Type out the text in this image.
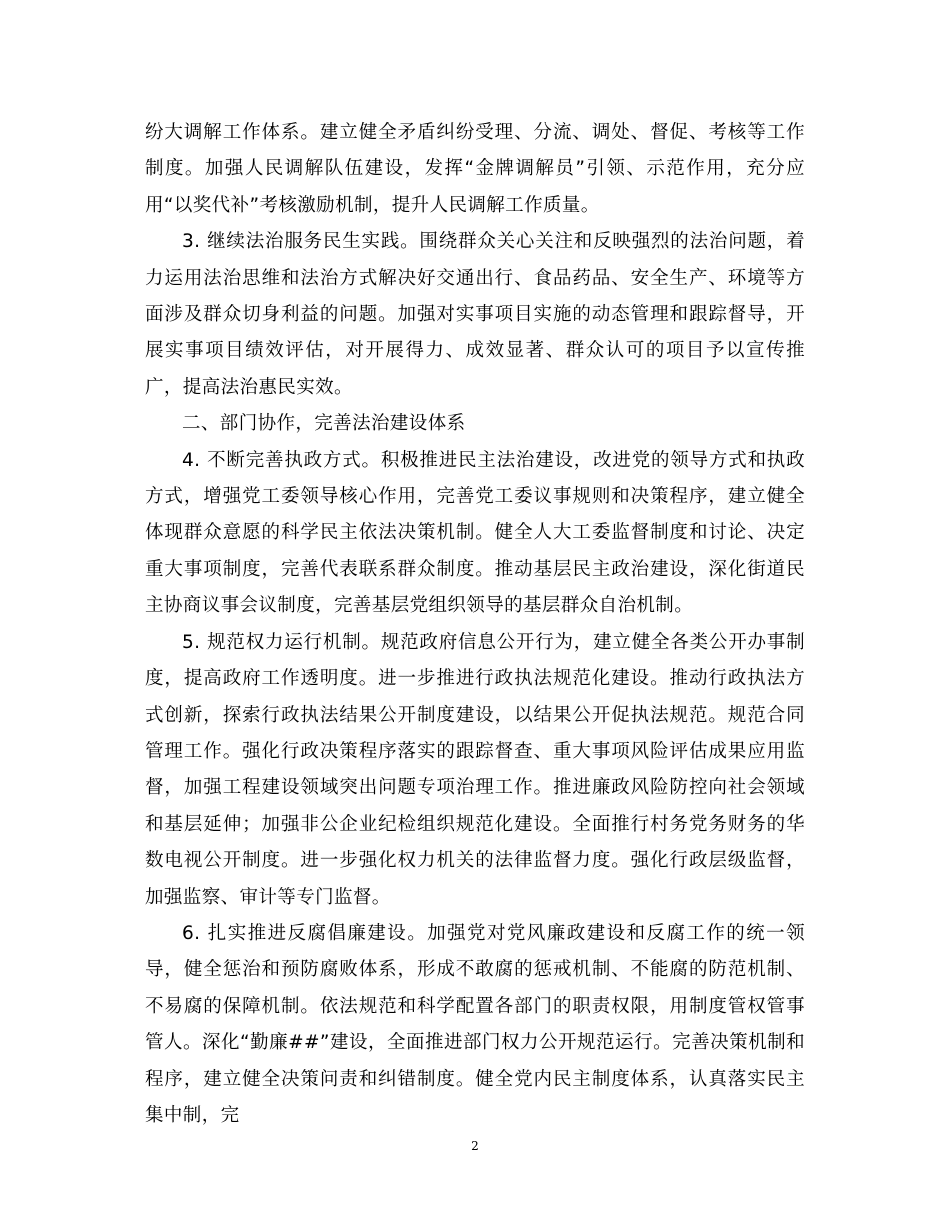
纷大调解工作体系。建立健全矛盾纠纷受理、分流、调处、督促、考核等工作制度。加强人民调解队伍建设，发挥“金牌调解员”引领、示范作用，充分应用“以奖代补”考核激励机制，提升人民调解工作质量。

3. 继续法治服务民生实践。围绕群众关心关注和反映强烈的法治问题，着力运用法治思维和法治方式解决好交通出行、食品药品、安全生产、环境等方面涉及群众切身利益的问题。加强对实事项目实施的动态管理和跟踪督导，开展实事项目绩效评估，对开展得力、成效显著、群众认可的项目予以宣传推广，提高法治惠民实效。

二、部门协作，完善法治建设体系

4. 不断完善执政方式。积极推进民主法治建设，改进党的领导方式和执政方式，增强党工委领导核心作用，完善党工委议事规则和决策程序，建立健全体现群众意愿的科学民主依法决策机制。健全人大工委监督制度和讨论、决定重大事项制度，完善代表联系群众制度。推动基层民主政治建设，深化街道民主协商议事会议制度，完善基层党组织领导的基层群众自治机制。

5. 规范权力运行机制。规范政府信息公开行为，建立健全各类公开办事制度，提高政府工作透明度。进一步推进行政执法规范化建设。推动行政执法方式创新，探索行政执法结果公开制度建设，以结果公开促执法规范。规范合同管理工作。强化行政决策程序落实的跟踪督查、重大事项风险评估成果应用监督，加强工程建设领域突出问题专项治理工作。推进廉政风险防控向社会领域和基层延伸；加强非公企业纪检组织规范化建设。全面推行村务党务财务的华数电视公开制度。进一步强化权力机关的法律监督力度。强化行政层级监督，加强监察、审计等专门监督。

6. 扎实推进反腐倡廉建设。加强党对党风廉政建设和反腐工作的统一领导，健全惩治和预防腐败体系，形成不敢腐的惩戒机制、不能腐的防范机制、不易腐的保障机制。依法规范和科学配置各部门的职责权限，用制度管权管事管人。深化“勤廉##”建设，全面推进部门权力公开规范运行。完善决策机制和程序，建立健全决策问责和纠错制度。健全党内民主制度体系，认真落实民主集中制，完

2
